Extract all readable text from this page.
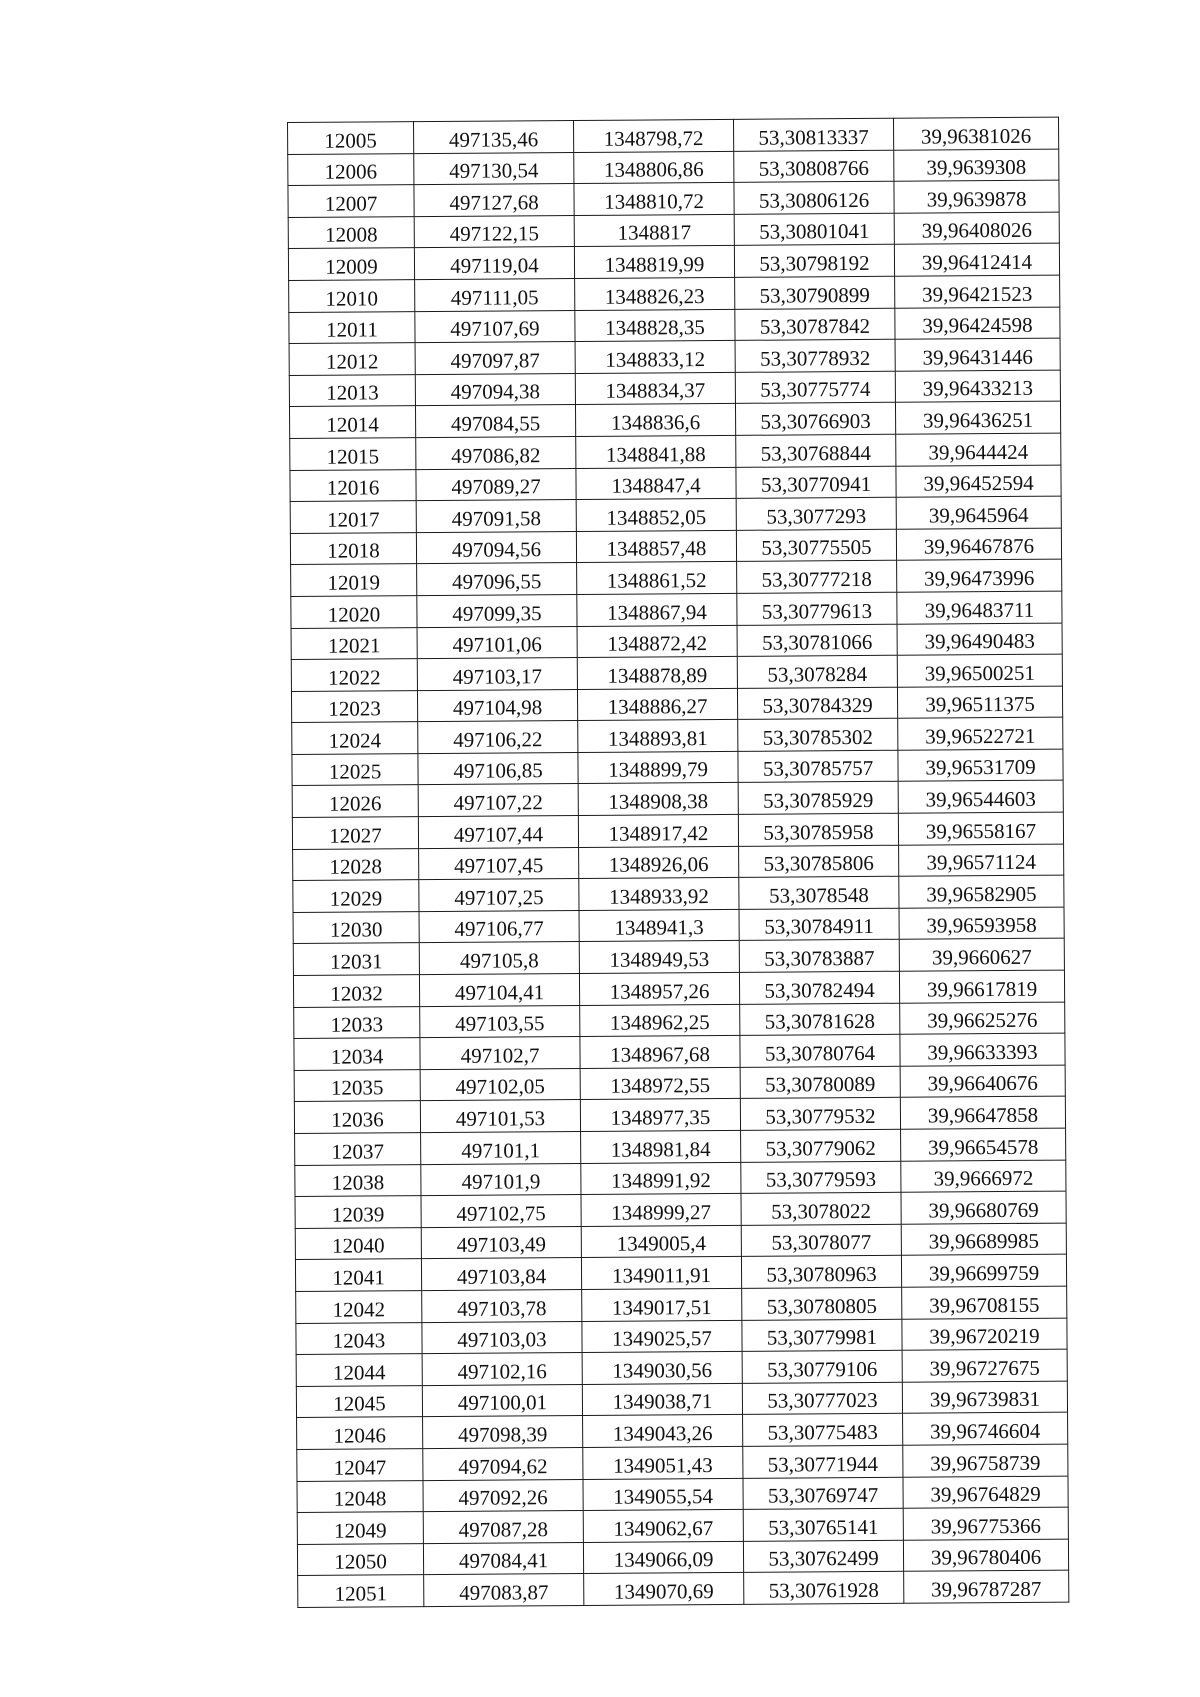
12005	497135,46	1348798,72	53,30813337	39,96381026
12006	497130,54	1348806,86	53,30808766	39,9639308
12007	497127,68	1348810,72	53,30806126	39,9639878
12008	497122,15	1348817	53,30801041	39,96408026
12009	497119,04	1348819,99	53,30798192	39,96412414
12010	497111,05	1348826,23	53,30790899	39,96421523
12011	497107,69	1348828,35	53,30787842	39,96424598
12012	497097,87	1348833,12	53,30778932	39,96431446
12013	497094,38	1348834,37	53,30775774	39,96433213
12014	497084,55	1348836,6	53,30766903	39,96436251
12015	497086,82	1348841,88	53,30768844	39,9644424
12016	497089,27	1348847,4	53,30770941	39,96452594
12017	497091,58	1348852,05	53,3077293	39,9645964
12018	497094,56	1348857,48	53,30775505	39,96467876
12019	497096,55	1348861,52	53,30777218	39,96473996
12020	497099,35	1348867,94	53,30779613	39,96483711
12021	497101,06	1348872,42	53,30781066	39,96490483
12022	497103,17	1348878,89	53,3078284	39,96500251
12023	497104,98	1348886,27	53,30784329	39,96511375
12024	497106,22	1348893,81	53,30785302	39,96522721
12025	497106,85	1348899,79	53,30785757	39,96531709
12026	497107,22	1348908,38	53,30785929	39,96544603
12027	497107,44	1348917,42	53,30785958	39,96558167
12028	497107,45	1348926,06	53,30785806	39,96571124
12029	497107,25	1348933,92	53,3078548	39,96582905
12030	497106,77	1348941,3	53,30784911	39,96593958
12031	497105,8	1348949,53	53,30783887	39,9660627
12032	497104,41	1348957,26	53,30782494	39,96617819
12033	497103,55	1348962,25	53,30781628	39,96625276
12034	497102,7	1348967,68	53,30780764	39,96633393
12035	497102,05	1348972,55	53,30780089	39,96640676
12036	497101,53	1348977,35	53,30779532	39,96647858
12037	497101,1	1348981,84	53,30779062	39,96654578
12038	497101,9	1348991,92	53,30779593	39,9666972
12039	497102,75	1348999,27	53,3078022	39,96680769
12040	497103,49	1349005,4	53,3078077	39,96689985
12041	497103,84	1349011,91	53,30780963	39,96699759
12042	497103,78	1349017,51	53,30780805	39,96708155
12043	497103,03	1349025,57	53,30779981	39,96720219
12044	497102,16	1349030,56	53,30779106	39,96727675
12045	497100,01	1349038,71	53,30777023	39,96739831
12046	497098,39	1349043,26	53,30775483	39,96746604
12047	497094,62	1349051,43	53,30771944	39,96758739
12048	497092,26	1349055,54	53,30769747	39,96764829
12049	497087,28	1349062,67	53,30765141	39,96775366
12050	497084,41	1349066,09	53,30762499	39,96780406
12051	497083,87	1349070,69	53,30761928	39,96787287
